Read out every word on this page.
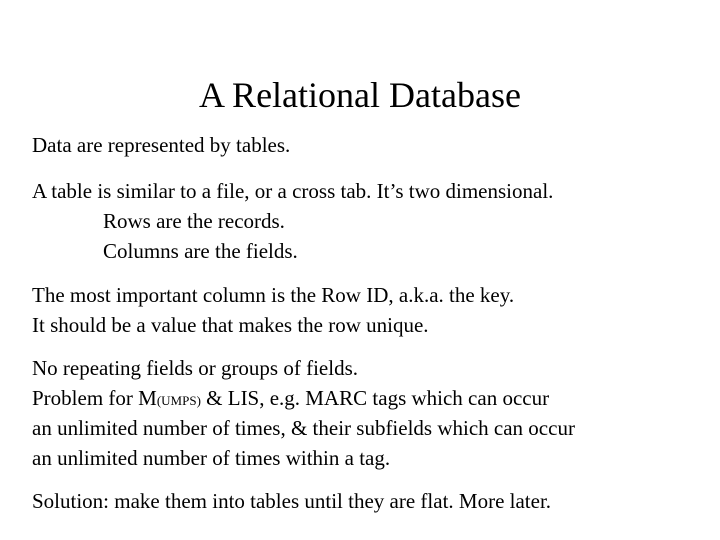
A Relational Database
Data are represented by tables.
A table is similar to a file, or a cross tab. It’s two dimensional.
Rows are the records.
Columns are the fields.
The most important column is the Row ID, a.k.a. the key.
It should be a value that makes the row unique.
No repeating fields or groups of fields.
Problem for M(UMPS) & LIS, e.g. MARC tags which can occur
an unlimited number of times, & their subfields which can occur
an unlimited number of times within a tag.
Solution: make them into tables until they are flat. More later.
